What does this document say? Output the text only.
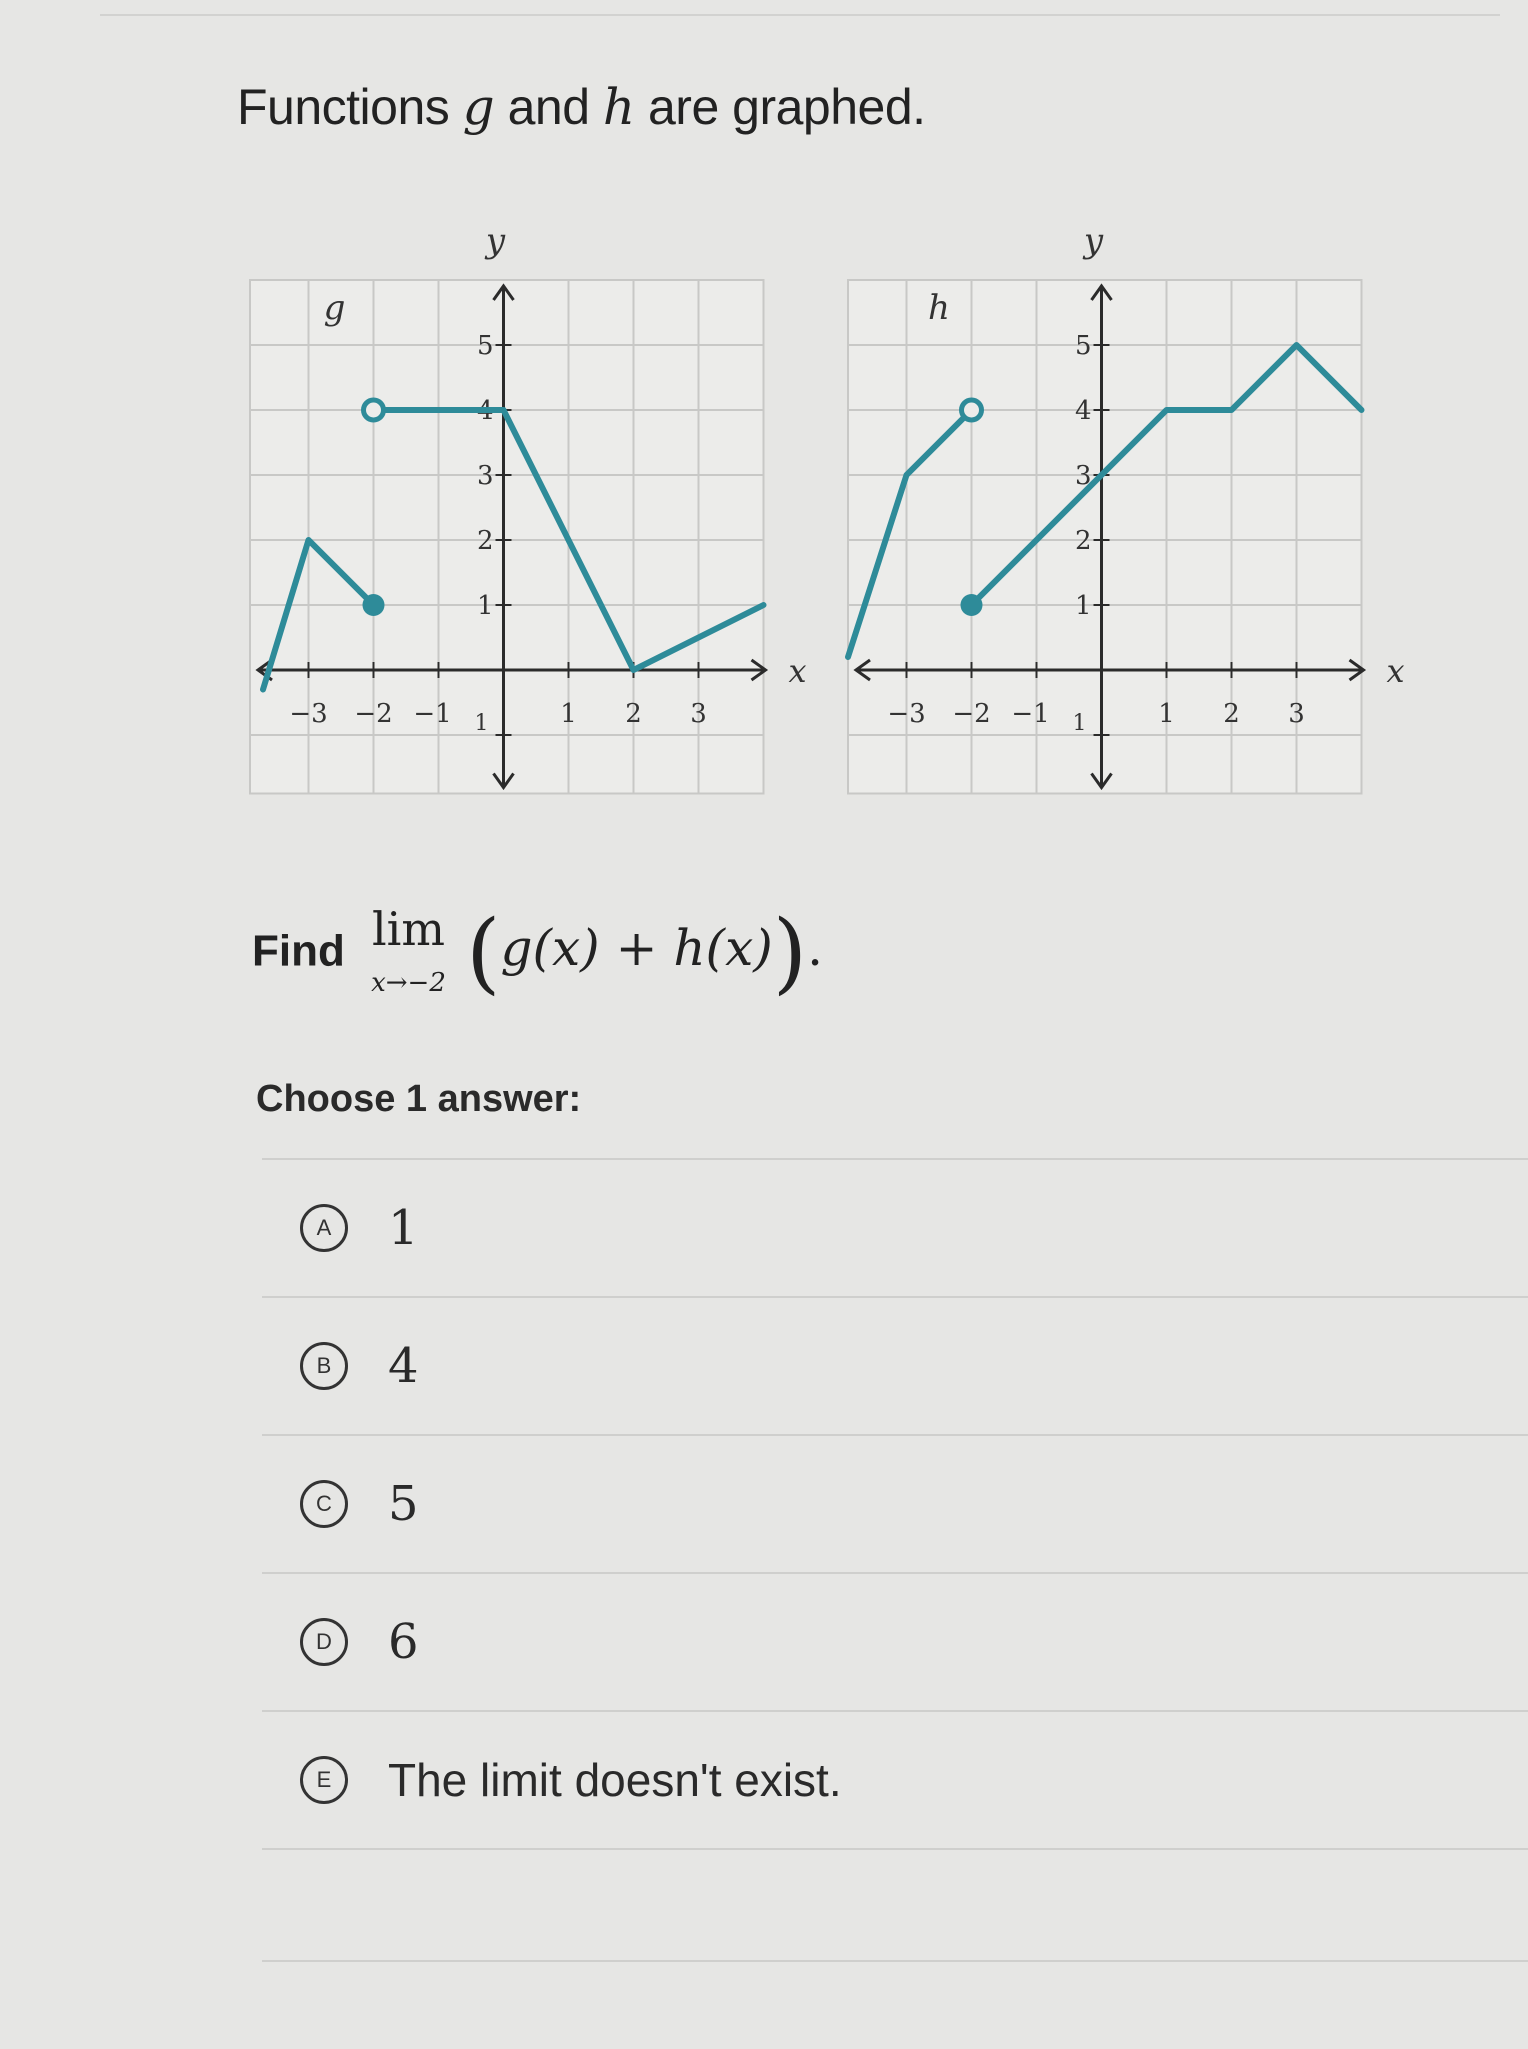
Functions g and h are graphed.
−3 −2 −1	1 2 3
1
2
3
4
5
1
y
x
g
−3 −2 −1	1 2 3
1
2
3
4
5
1
y
x
h
Find lim
x→−2 (g(x) + h(x)).
Choose 1 answer:
A	1
B	4
C	5
D	6
E	The limit doesn't exist.
